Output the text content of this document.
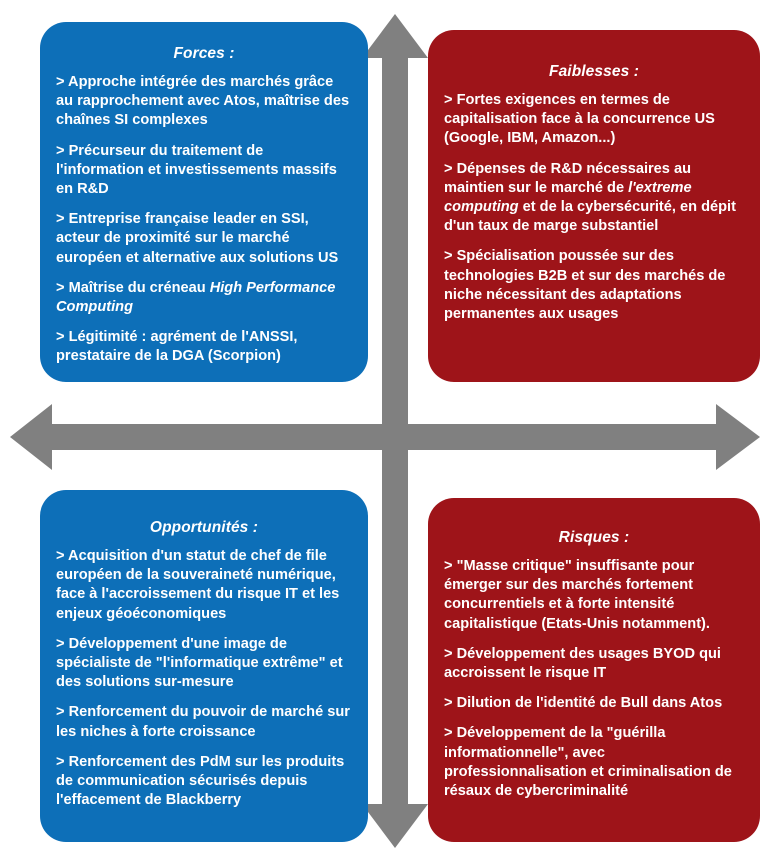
Forces :
> Approche intégrée des marchés grâce au rapprochement avec Atos, maîtrise des chaînes SI complexes
> Précurseur du traitement de l'information et investissements massifs en R&D
> Entreprise française leader en SSI, acteur de proximité sur le marché européen et alternative aux solutions US
> Maîtrise du créneau High Performance Computing
> Légitimité : agrément de l'ANSSI, prestataire de la DGA (Scorpion)
Faiblesses :
> Fortes exigences en termes de capitalisation face à la concurrence US (Google, IBM, Amazon...)
> Dépenses de R&D nécessaires au maintien sur le marché de l'extreme computing et de la cybersécurité, en dépit d'un taux de marge substantiel
> Spécialisation poussée sur des technologies B2B et sur des marchés de niche nécessitant des adaptations permanentes aux usages
Opportunités :
> Acquisition d'un statut de chef de file européen de la souveraineté numérique, face à l'accroissement du risque IT et les enjeux géoéconomiques
> Développement d'une image de spécialiste de "l'informatique extrême" et des solutions sur-mesure
> Renforcement du pouvoir de marché sur les niches à forte croissance
> Renforcement des PdM sur les produits de communication sécurisés depuis l'effacement de Blackberry
Risques :
> "Masse critique" insuffisante pour émerger sur des marchés fortement concurrentiels et à forte intensité capitalistique (Etats-Unis notamment).
> Développement des usages BYOD qui accroissent le risque IT
> Dilution de l'identité de Bull dans Atos
> Développement de la "guérilla informationnelle", avec professionnalisation et criminalisation de résaux de cybercriminalité
